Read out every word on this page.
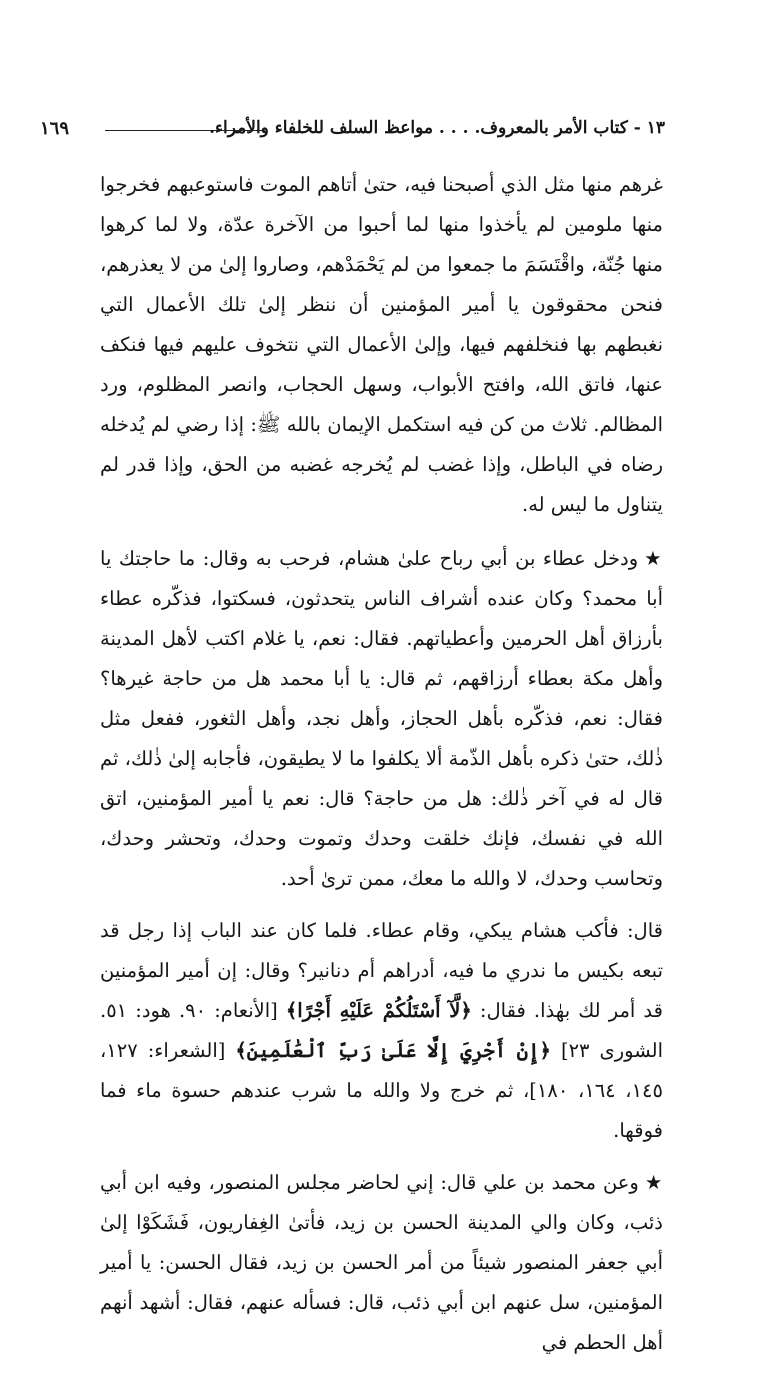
١٣ - كتاب الأمر بالمعروف. . . . مواعظ السلف للخلفاء والأمراء.
١٦٩

غرهم منها مثل الذي أصبحنا فيه، حتىٰ أتاهم الموت فاستوعبهم فخرجوا منها ملومين لم يأخذوا منها لما أحبوا من الآخرة عدّة، ولا لما كرهوا منها جُنّة، واقْتَسَمَ ما جمعوا من لم يَحْمَدْهم، وصاروا إلىٰ من لا يعذرهم، فنحن محقوقون يا أمير المؤمنين أن ننظر إلىٰ تلك الأعمال التي نغبطهم بها فنخلفهم فيها، وإلىٰ الأعمال التي نتخوف عليهم فيها فنكف عنها، فاتق الله، وافتح الأبواب، وسهل الحجاب، وانصر المظلوم، ورد المظالم. ثلاث من كن فيه استكمل الإيمان بالله ﷺ: إذا رضي لم يُدخله رضاه في الباطل، وإذا غضب لم يُخرجه غضبه من الحق، وإذا قدر لم يتناول ما ليس له.

★ودخل عطاء بن أبي رباح علىٰ هشام، فرحب به وقال: ما حاجتك يا أبا محمد؟ وكان عنده أشراف الناس يتحدثون، فسكتوا، فذكّره عطاء بأرزاق أهل الحرمين وأعطياتهم. فقال: نعم، يا غلام اكتب لأهل المدينة وأهل مكة بعطاء أرزاقهم، ثم قال: يا أبا محمد هل من حاجة غيرها؟ فقال: نعم، فذكّره بأهل الحجاز، وأهل نجد، وأهل الثغور، ففعل مثل ذٰلك، حتىٰ ذكره بأهل الذّمة ألا يكلفوا ما لا يطيقون، فأجابه إلىٰ ذٰلك، ثم قال له في آخر ذٰلك: هل من حاجة؟ قال: نعم يا أمير المؤمنين، اتق الله في نفسك، فإنك خلقت وحدك وتموت وحدك، وتحشر وحدك، وتحاسب وحدك، لا والله ما معك، ممن ترىٰ أحد.

قال: فأكب هشام يبكي، وقام عطاء. فلما كان عند الباب إذا رجل قد تبعه بكيس ما ندري ما فيه، أدراهم أم دنانير؟ وقال: إن أمير المؤمنين قد أمر لك بهٰذا. فقال: ﴿لَّآ أَسْتَلُكُمْ عَلَيْهِ أَجْرًا﴾ [الأنعام: ٩٠. هود: ٥١. الشورى ٢٣] ﴿إِنْ أَجْرِيَ إِلَّا عَلَىٰ رَبِّ ٱلْعَٰلَمِينَ﴾ [الشعراء: ١٢٧، ١٤٥، ١٦٤، ١٨٠]، ثم خرج ولا والله ما شرب عندهم حسوة ماء فما فوقها.

★وعن محمد بن علي قال: إني لحاضر مجلس المنصور، وفيه ابن أبي ذئب، وكان والي المدينة الحسن بن زيد، فأتىٰ الغِفاريون، فَشَكَوْا إلىٰ أبي جعفر المنصور شيئاً من أمر الحسن بن زيد، فقال الحسن: يا أمير المؤمنين، سل عنهم ابن أبي ذئب، قال: فسأله عنهم، فقال: أشهد أنهم أهل الحطم في
